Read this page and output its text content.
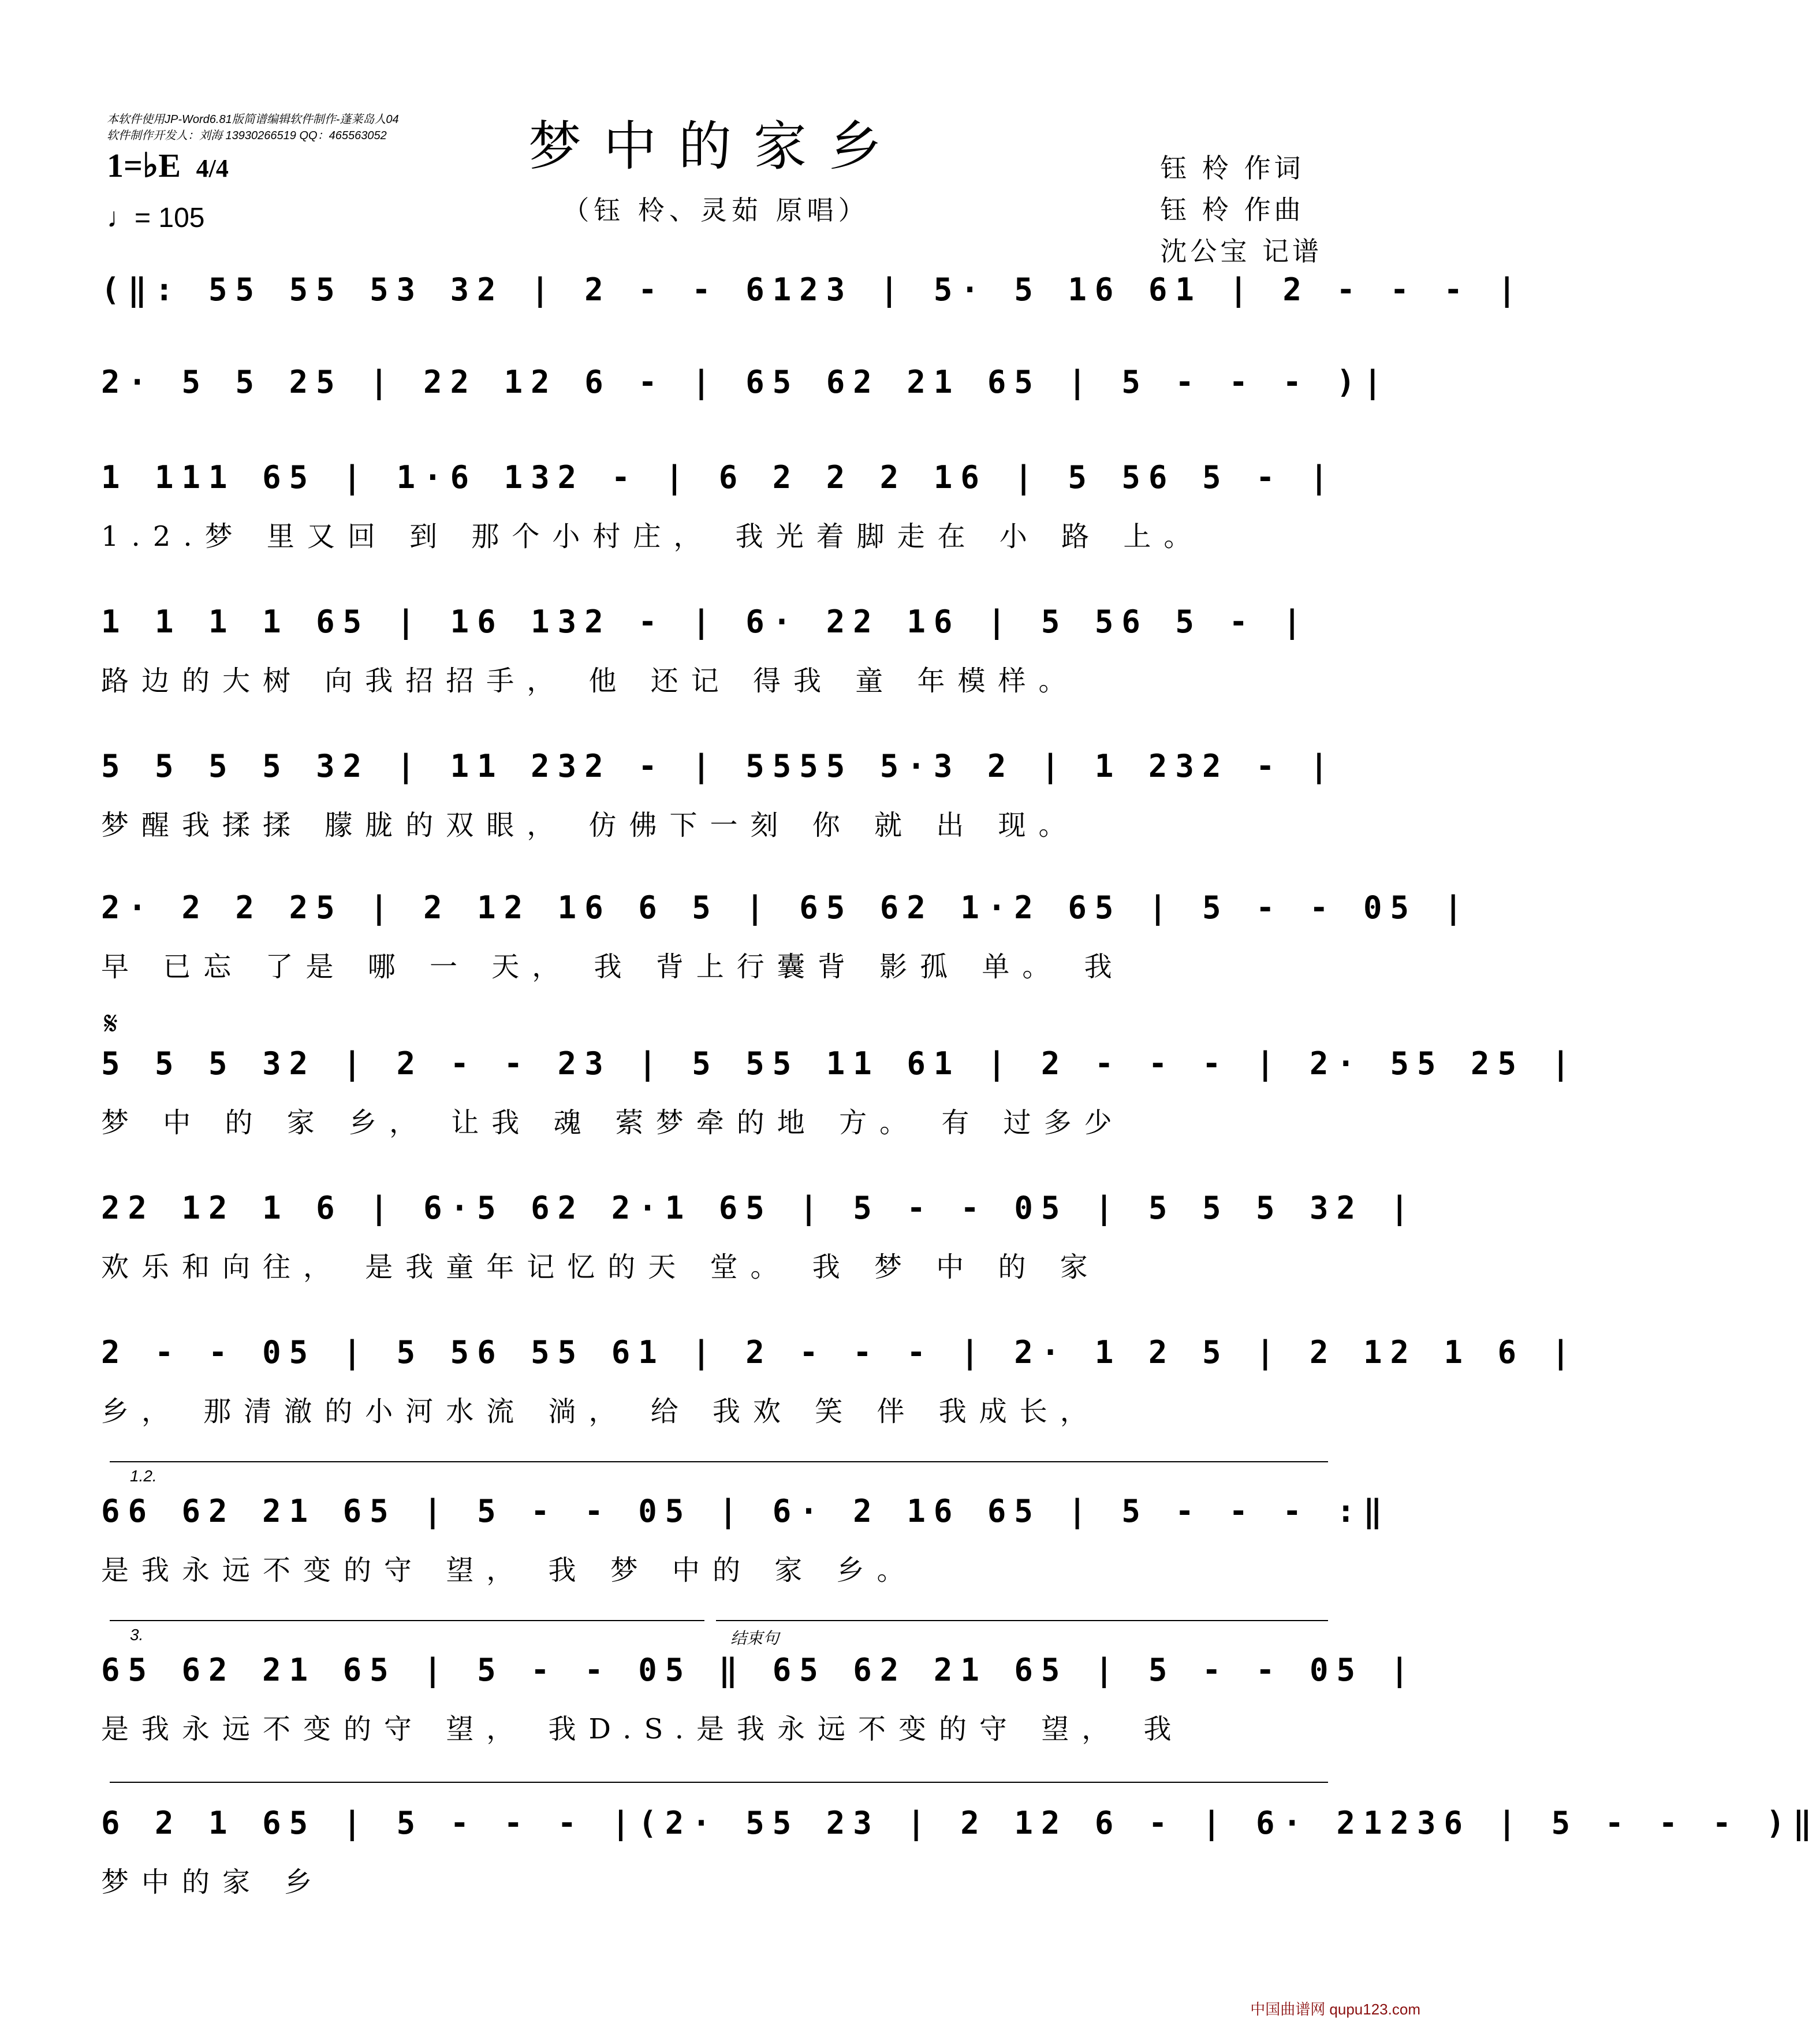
本软件使用JP-Word6.81版简谱编辑软件制作-蓬莱岛人04
软件制作开发人：刘海 13930266519 QQ：465563052	梦中的家乡
（钰 柃、灵茹 原唱）
钰 柃 作词
钰 柃 作曲
沈公宝 记谱
1=♭E 4/4
♩= 105
(‖: 55 55 53 32 | 2 - - 6123 | 5· 5 16 61 | 2 - - - |
2· 5 5 25 | 22 12 6 - | 65 62 21 65 | 5 - - - )|
1 111 65 | 1·6 132 - | 6 2 2 2 16 | 5 56 5 - |
1.2.梦 里又回 到 那个小村庄， 我光着脚走在 小 路 上。
1 1 1 1 65 | 16 132 - | 6· 22 16 | 5 56 5 - |
路边的大树 向我招招手， 他 还记 得我 童 年模样。
5 5 5 5 32 | 11 232 - | 5555 5·3 2 | 1 232 - |
梦醒我揉揉 朦胧的双眼， 仿佛下一刻 你 就 出 现。
2· 2 2 25 | 2 12 16 6 5 | 65 62 1·2 65 | 5 - - 05 |
早 已忘 了是 哪 一 天， 我 背上行囊背 影孤 单。 我
𝄋
5 5 5 32 | 2 - - 23 | 5 55 11 61 | 2 - - - | 2· 55 25 |
梦 中 的 家 乡， 让我 魂 萦梦牵的地 方。 有 过多少
22 12 1 6 | 6·5 62 2·1 65 | 5 - - 05 | 5 5 5 32 |
欢乐和向往， 是我童年记忆的天 堂。 我 梦 中 的 家
2 - - 05 | 5 56 55 61 | 2 - - - | 2· 1 2 5 | 2 12 1 6 |
乡， 那清澈的小河水流 淌， 给 我欢 笑 伴 我成长，
1.2.
66 62 21 65 | 5 - - 05 | 6· 2 16 65 | 5 - - - :‖
是我永远不变的守 望， 我 梦 中的 家 乡。
3.	结束句
65 62 21 65 | 5 - - 05 ‖ 65 62 21 65 | 5 - - 05 |
是我永远不变的守 望， 我D.S.是我永远不变的守 望， 我
6 2 1 65 | 5 - - - |(2· 55 23 | 2 12 6 - | 6· 21236 | 5 - - - )‖
梦中的家 乡
中国曲谱网 qupu123.com
